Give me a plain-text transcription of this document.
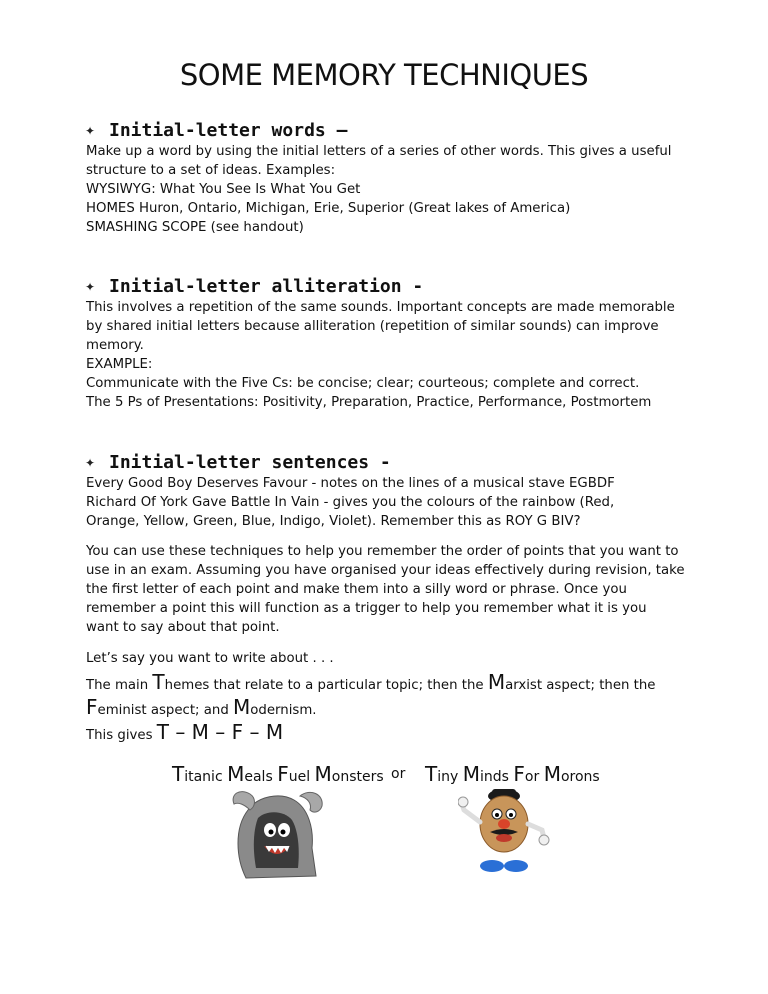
SOME MEMORY TECHNIQUES
✦ Initial-letter words –
Make up a word by using the initial letters of a series of other words. This gives a useful
structure to a set of ideas. Examples:
WYSIWYG: What You See Is What You Get
HOMES Huron, Ontario, Michigan, Erie, Superior (Great lakes of America)
SMASHING SCOPE (see handout)
✦ Initial-letter alliteration -
This involves a repetition of the same sounds. Important concepts are made memorable
by shared initial letters because alliteration (repetition of similar sounds) can improve
memory.
EXAMPLE:
Communicate with the Five Cs: be concise; clear; courteous; complete and correct.
The 5 Ps of Presentations: Positivity, Preparation, Practice, Performance, Postmortem
✦ Initial-letter sentences -
Every Good Boy Deserves Favour - notes on the lines of a musical stave EGBDF
Richard Of York Gave Battle In Vain - gives you the colours of the rainbow (Red,
Orange, Yellow, Green, Blue, Indigo, Violet). Remember this as ROY G BIV?
You can use these techniques to help you remember the order of points that you want to
use in an exam. Assuming you have organised your ideas effectively during revision, take
the first letter of each point and make them into a silly word or phrase. Once you
remember a point this will function as a trigger to help you remember what it is you
want to say about that point.
Let’s say you want to write about . . .
The main Themes that relate to a particular topic; then the Marxist aspect; then the
Feminist aspect; and Modernism.
This gives T – M – F – M
Titanic Meals Fuel Monsters or Tiny Minds For Morons
